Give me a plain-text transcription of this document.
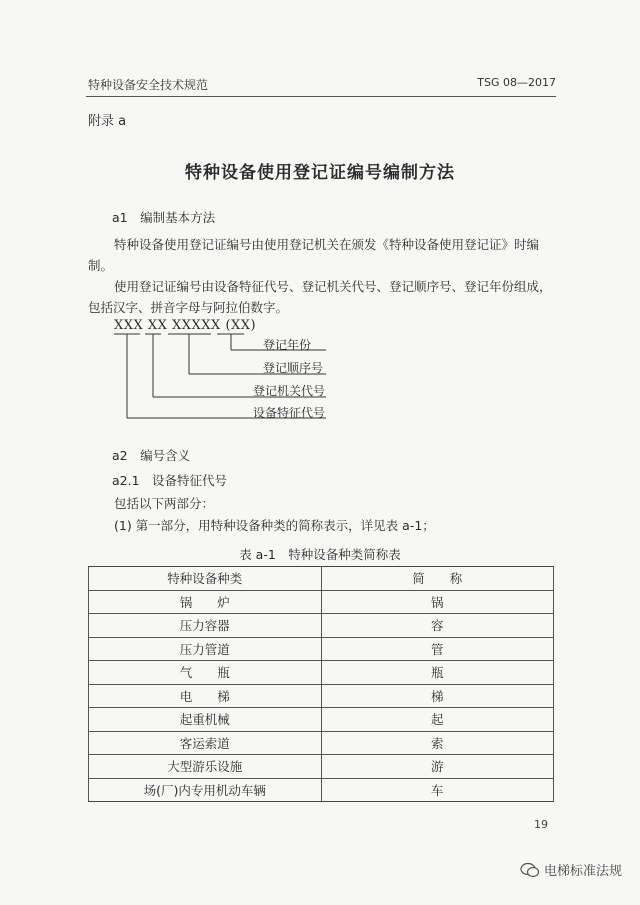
特种设备安全技术规范	TSG 08—2017
附录 a
特种设备使用登记证编号编制方法
a1　编制基本方法
特种设备使用登记证编号由使用登记机关在颁发《特种设备使用登记证》时编制。
使用登记证编号由设备特征代号、登记机关代号、登记顺序号、登记年份组成，包括汉字、拼音字母与阿拉伯数字。
XXX XX XXXXX (XX)
登记年份
登记顺序号
登记机关代号
设备特征代号
a2　编号含义
a2.1　设备特征代号
包括以下两部分：
(1) 第一部分，用特种设备种类的简称表示，详见表 a-1；
表 a-1　特种设备种类简称表
特种设备种类	简　　称
锅　　炉	锅
压力容器	容
压力管道	管
气　　瓶	瓶
电　　梯	梯
起重机械	起
客运索道	索
大型游乐设施	游
场(厂)内专用机动车辆	车
19
电梯标准法规
